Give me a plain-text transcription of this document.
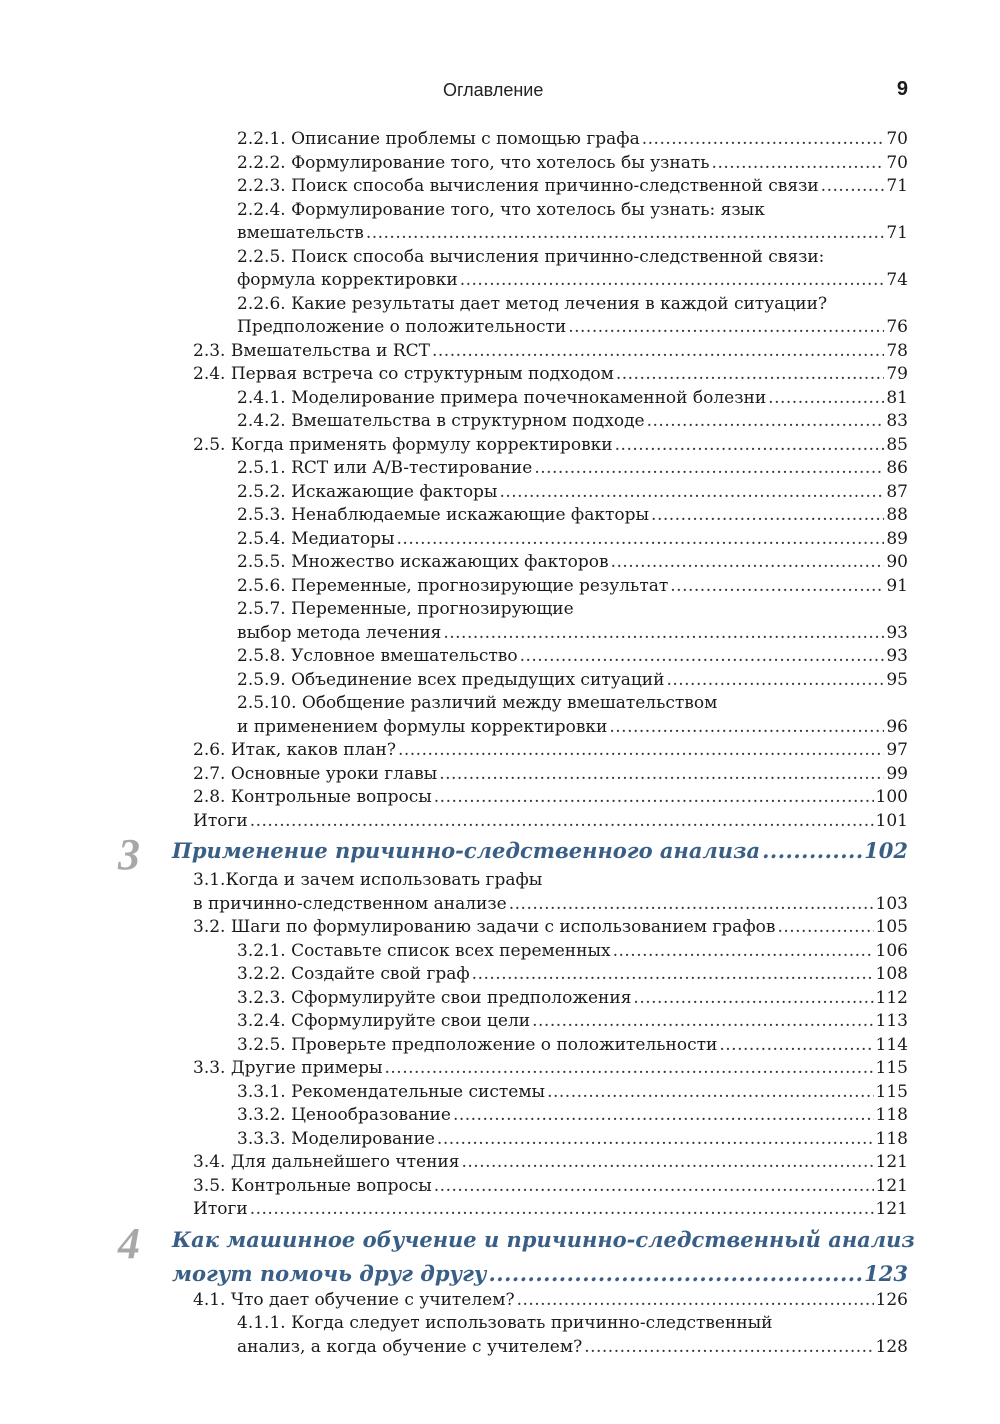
Оглавление	9
2.2.1. Описание проблемы с помощью графа .....	70
2.2.2. Формулирование того, что хотелось бы узнать .....	70
2.2.3. Поиск способа вычисления причинно-следственной связи .....	71
2.2.4. Формулирование того, что хотелось бы узнать: язык
вмешательств .....	71
2.2.5. Поиск способа вычисления причинно-следственной связи:
формула корректировки .....	74
2.2.6. Какие результаты дает метод лечения в каждой ситуации?
Предположение о положительности .....	76
2.3. Вмешательства и RCT .....	78
2.4. Первая встреча со структурным подходом .....	79
2.4.1. Моделирование примера почечнокаменной болезни .....	81
2.4.2. Вмешательства в структурном подходе .....	83
2.5. Когда применять формулу корректировки .....	85
2.5.1. RCT или A/B-тестирование .....	86
2.5.2. Искажающие факторы .....	87
2.5.3. Ненаблюдаемые искажающие факторы .....	88
2.5.4. Медиаторы .....	89
2.5.5. Множество искажающих факторов .....	90
2.5.6. Переменные, прогнозирующие результат .....	91
2.5.7. Переменные, прогнозирующие
выбор метода лечения .....	93
2.5.8. Условное вмешательство .....	93
2.5.9. Объединение всех предыдущих ситуаций .....	95
2.5.10. Обобщение различий между вмешательством
и применением формулы корректировки .....	96
2.6. Итак, каков план? .....	97
2.7. Основные уроки главы .....	99
2.8. Контрольные вопросы .....	100
Итоги .....	101
3 Применение причинно-следственного анализа .....	102
3.1.Когда и зачем использовать графы
в причинно-следственном анализе .....	103
3.2. Шаги по формулированию задачи с использованием графов .....	105
3.2.1. Составьте список всех переменных .....	106
3.2.2. Создайте свой граф .....	108
3.2.3. Сформулируйте свои предположения .....	112
3.2.4. Сформулируйте свои цели .....	113
3.2.5. Проверьте предположение о положительности .....	114
3.3. Другие примеры .....	115
3.3.1. Рекомендательные системы .....	115
3.3.2. Ценообразование .....	118
3.3.3. Моделирование .....	118
3.4. Для дальнейшего чтения .....	121
3.5. Контрольные вопросы .....	121
Итоги .....	121
4 Как машинное обучение и причинно-следственный анализ
могут помочь друг другу .....	123
4.1. Что дает обучение с учителем? .....	126
4.1.1. Когда следует использовать причинно-следственный
анализ, а когда обучение с учителем? .....	128
